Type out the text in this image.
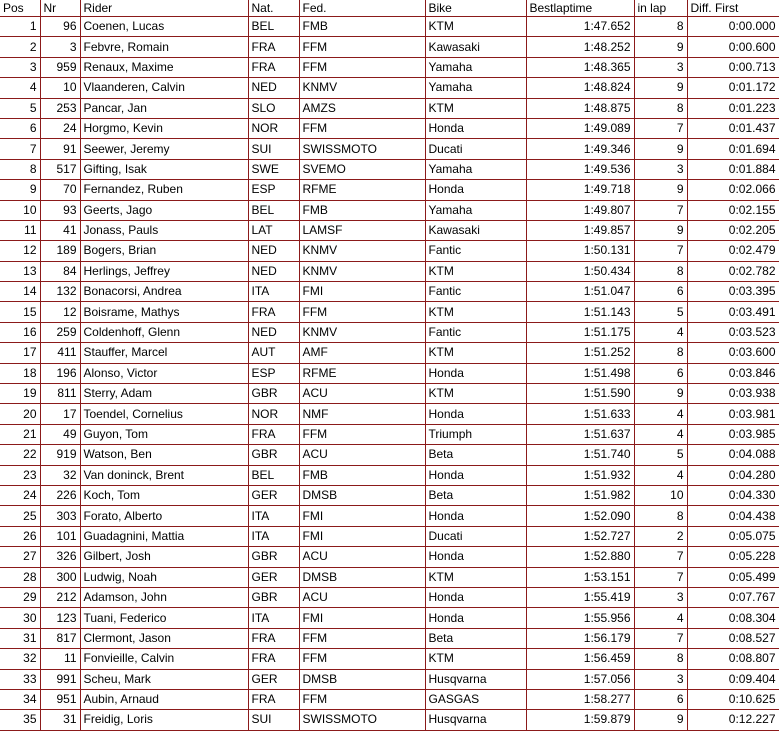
Pos	Nr	Rider	Nat.	Fed.	Bike	Bestlaptime	in lap	Diff. First
1	96	Coenen, Lucas	BEL	FMB	KTM	1:47.652	8	0:00.000
2	3	Febvre, Romain	FRA	FFM	Kawasaki	1:48.252	9	0:00.600
3	959	Renaux, Maxime	FRA	FFM	Yamaha	1:48.365	3	0:00.713
4	10	Vlaanderen, Calvin	NED	KNMV	Yamaha	1:48.824	9	0:01.172
5	253	Pancar, Jan	SLO	AMZS	KTM	1:48.875	8	0:01.223
6	24	Horgmo, Kevin	NOR	FFM	Honda	1:49.089	7	0:01.437
7	91	Seewer, Jeremy	SUI	SWISSMOTO	Ducati	1:49.346	9	0:01.694
8	517	Gifting, Isak	SWE	SVEMO	Yamaha	1:49.536	3	0:01.884
9	70	Fernandez, Ruben	ESP	RFME	Honda	1:49.718	9	0:02.066
10	93	Geerts, Jago	BEL	FMB	Yamaha	1:49.807	7	0:02.155
11	41	Jonass, Pauls	LAT	LAMSF	Kawasaki	1:49.857	9	0:02.205
12	189	Bogers, Brian	NED	KNMV	Fantic	1:50.131	7	0:02.479
13	84	Herlings, Jeffrey	NED	KNMV	KTM	1:50.434	8	0:02.782
14	132	Bonacorsi, Andrea	ITA	FMI	Fantic	1:51.047	6	0:03.395
15	12	Boisrame, Mathys	FRA	FFM	KTM	1:51.143	5	0:03.491
16	259	Coldenhoff, Glenn	NED	KNMV	Fantic	1:51.175	4	0:03.523
17	411	Stauffer, Marcel	AUT	AMF	KTM	1:51.252	8	0:03.600
18	196	Alonso, Victor	ESP	RFME	Honda	1:51.498	6	0:03.846
19	811	Sterry, Adam	GBR	ACU	KTM	1:51.590	9	0:03.938
20	17	Toendel, Cornelius	NOR	NMF	Honda	1:51.633	4	0:03.981
21	49	Guyon, Tom	FRA	FFM	Triumph	1:51.637	4	0:03.985
22	919	Watson, Ben	GBR	ACU	Beta	1:51.740	5	0:04.088
23	32	Van doninck, Brent	BEL	FMB	Honda	1:51.932	4	0:04.280
24	226	Koch, Tom	GER	DMSB	Beta	1:51.982	10	0:04.330
25	303	Forato, Alberto	ITA	FMI	Honda	1:52.090	8	0:04.438
26	101	Guadagnini, Mattia	ITA	FMI	Ducati	1:52.727	2	0:05.075
27	326	Gilbert, Josh	GBR	ACU	Honda	1:52.880	7	0:05.228
28	300	Ludwig, Noah	GER	DMSB	KTM	1:53.151	7	0:05.499
29	212	Adamson, John	GBR	ACU	Honda	1:55.419	3	0:07.767
30	123	Tuani, Federico	ITA	FMI	Honda	1:55.956	4	0:08.304
31	817	Clermont, Jason	FRA	FFM	Beta	1:56.179	7	0:08.527
32	11	Fonvieille, Calvin	FRA	FFM	KTM	1:56.459	8	0:08.807
33	991	Scheu, Mark	GER	DMSB	Husqvarna	1:57.056	3	0:09.404
34	951	Aubin, Arnaud	FRA	FFM	GASGAS	1:58.277	6	0:10.625
35	31	Freidig, Loris	SUI	SWISSMOTO	Husqvarna	1:59.879	9	0:12.227
